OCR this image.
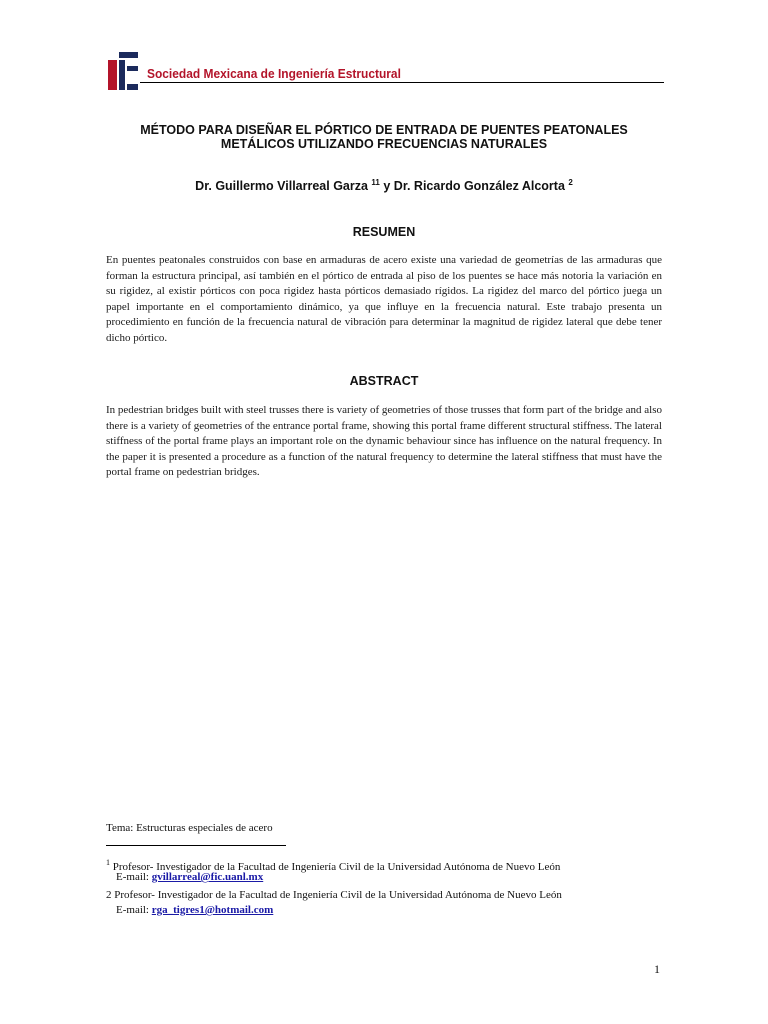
Sociedad Mexicana de Ingeniería Estructural
MÉTODO PARA DISEÑAR EL PÓRTICO DE ENTRADA DE PUENTES PEATONALES
METÁLICOS UTILIZANDO FRECUENCIAS NATURALES
Dr. Guillermo Villarreal Garza $^{11}$ y Dr. Ricardo González Alcorta $^2$
RESUMEN
En puentes peatonales construidos con base en armaduras de acero existe una variedad de geometrías de las armaduras que forman la estructura principal, así también en el pórtico de entrada al piso de los puentes se hace más notoria la variación en su rigidez, al existir pórticos con poca rigidez hasta pórticos demasiado rígidos. La rigidez del marco del pórtico juega un papel importante en el comportamiento dinámico, ya que influye en la frecuencia natural. Este trabajo presenta un procedimiento en función de la frecuencia natural de vibración para determinar la magnitud de rigidez lateral que debe tener dicho pórtico.
ABSTRACT
In pedestrian bridges built with steel trusses there is variety of geometries of those trusses that form part of the bridge and also there is a variety of geometries of the entrance portal frame, showing this portal frame different structural stiffness. The lateral stiffness of the portal frame plays an important role on the dynamic behaviour since has influence on the natural frequency. In the paper it is presented a procedure as a function of the natural frequency to determine the lateral stiffness that must have the portal frame on pedestrian bridges.
Tema: Estructuras especiales de acero
$^1$ Profesor- Investigador de la Facultad de Ingeniería Civil de la Universidad Autónoma de Nuevo León
E-mail: gvillarreal@fic.uanl.mx
2 Profesor- Investigador de la Facultad de Ingeniería Civil de la Universidad Autónoma de Nuevo León
E-mail: rga_tigres1@hotmail.com
1
